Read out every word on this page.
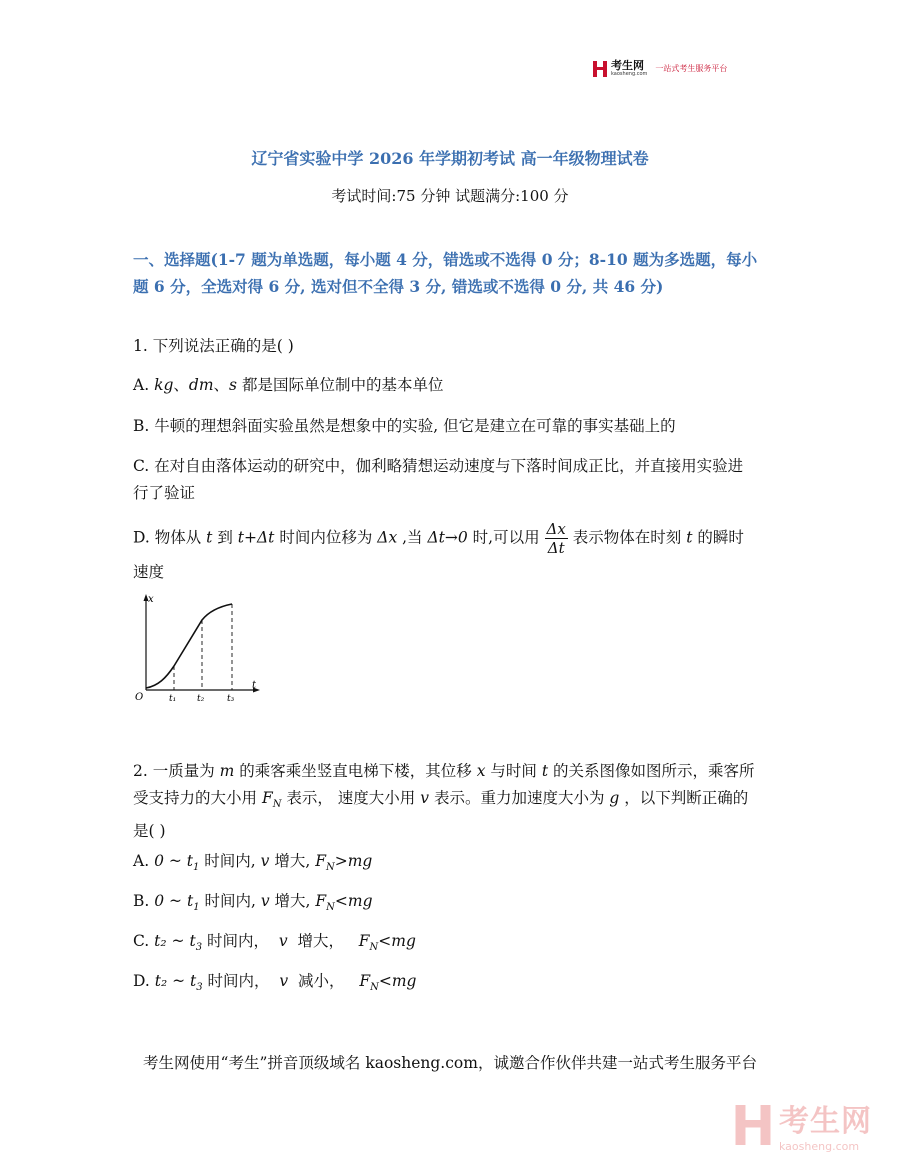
考生网
kaosheng.com
一站式考生服务平台
辽宁省实验中学 2026 年学期初考试 高一年级物理试卷
考试时间:75 分钟 试题满分:100 分
一、选择题(1-7 题为单选题，每小题 4 分，错选或不选得 0 分；8-10 题为多选题，每小题 6 分，全选对得 6 分, 选对但不全得 3 分, 错选或不选得 0 分, 共 46 分)
1. 下列说法正确的是( )
A. kg、dm、s 都是国际单位制中的基本单位
B. 牛顿的理想斜面实验虽然是想象中的实验, 但它是建立在可靠的事实基础上的
C. 在对自由落体运动的研究中，伽利略猜想运动速度与下落时间成正比，并直接用实验进行了验证
D. 物体从 t 到 t+Δt 时间内位移为 Δx ,当 Δt→0 时,可以用 $\frac{\Delta x}{\Delta t}$ 表示物体在时刻 t 的瞬时速度
x
t
O	t₁ t₂	t₃
2. 一质量为 m 的乘客乘坐竖直电梯下楼，其位移 x 与时间 t 的关系图像如图所示，乘客所受支持力的大小用 $F_N$ 表示， 速度大小用 v 表示。重力加速度大小为 g ，以下判断正确的是( )
A. 0 ~ $t_1$ 时间内, v 增大, $F_N>mg$
B. 0 ~ $t_1$ 时间内, v 增大, $F_N<mg$
C. t₂ ~ $t_3$ 时间内，  v  增大，   $F_N<mg$
D. t₂ ~ $t_3$ 时间内，  v  减小，   $F_N<mg$
考生网使用“考生”拼音顶级域名 kaosheng.com，诚邀合作伙伴共建一站式考生服务平台
考生网
kaosheng.com
